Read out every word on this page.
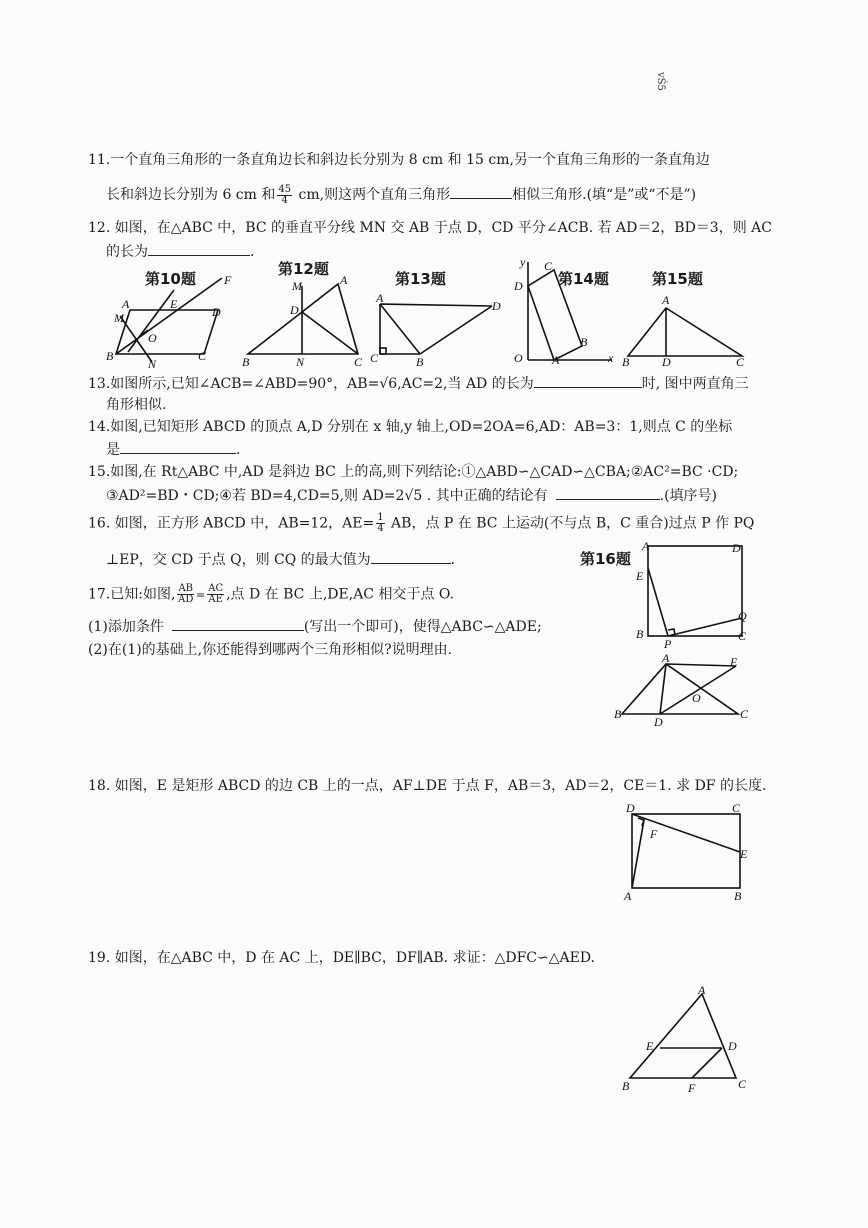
vŚ5
11.一个直角三角形的一条直角边长和斜边长分别为 8 cm 和 15 cm,另一个直角三角形的一条直角边
长和斜边长分别为 6 cm 和 $\frac{45}{4}$ cm,则这两个直角三角形	相似三角形.(填“是”或“不是”)
12. 如图，在△ABC 中，BC 的垂直平分线 MN 交 AB 于点 D，CD 平分∠ACB. 若 AD＝2，BD＝3，则 AC
的长为	.
第10题
第12题
第13题	第14题	第15题
A	E
F
M	D
O
B
N
C
M	A
D
B	N	C
A
D
C	B
y C
D
B
O A	x
A
B	D	C
13.如图所示,已知∠ACB=∠ABD=90°，AB=√6,AC=2,当 AD 的长为	时, 图中两直角三
角形相似.
14.如图,已知矩形 ABCD 的顶点 A,D 分别在 x 轴,y 轴上,OD=2OA=6,AD：AB=3：1,则点 C 的坐标
是	.
15.如图,在 Rt△ABC 中,AD 是斜边 BC 上的高,则下列结论:①△ABD∽△CAD∽△CBA;②AC²=BC ·CD;
③AD²=BD・CD;④若 BD=4,CD=5,则 AD=2√5 . 其中正确的结论有	.(填序号)
16. 如图，正方形 ABCD 中，AB=12，$AE= \frac{1}{4}$ AB，点 P 在 BC 上运动(不与点 B，C 重合)过点 P 作 PQ
⊥EP，交 CD 于点 Q，则 CQ 的最大值为	.	第16题
A	D
E
Q
B
P
C
17.已知:如图, $\frac{AB}{AD} = \frac{AC}{AE}$ ,点 D 在 BC 上,DE,AC 相交于点 O.
(1)添加条件	(写出一个即可)，使得△ABC∽△ADE;
(2)在(1)的基础上,你还能得到哪两个三角形相似?说明理由.	A	E
O
B
D
C
18. 如图，E 是矩形 ABCD 的边 CB 上的一点，AF⊥DE 于点 F，AB＝3，AD＝2，CE＝1. 求 DF 的长度.
D	C
F
E
A	B
19. 如图，在△ABC 中，D 在 AC 上，DE∥BC，DF∥AB. 求证：△DFC∽△AED.
A
E	D
B	F	C
